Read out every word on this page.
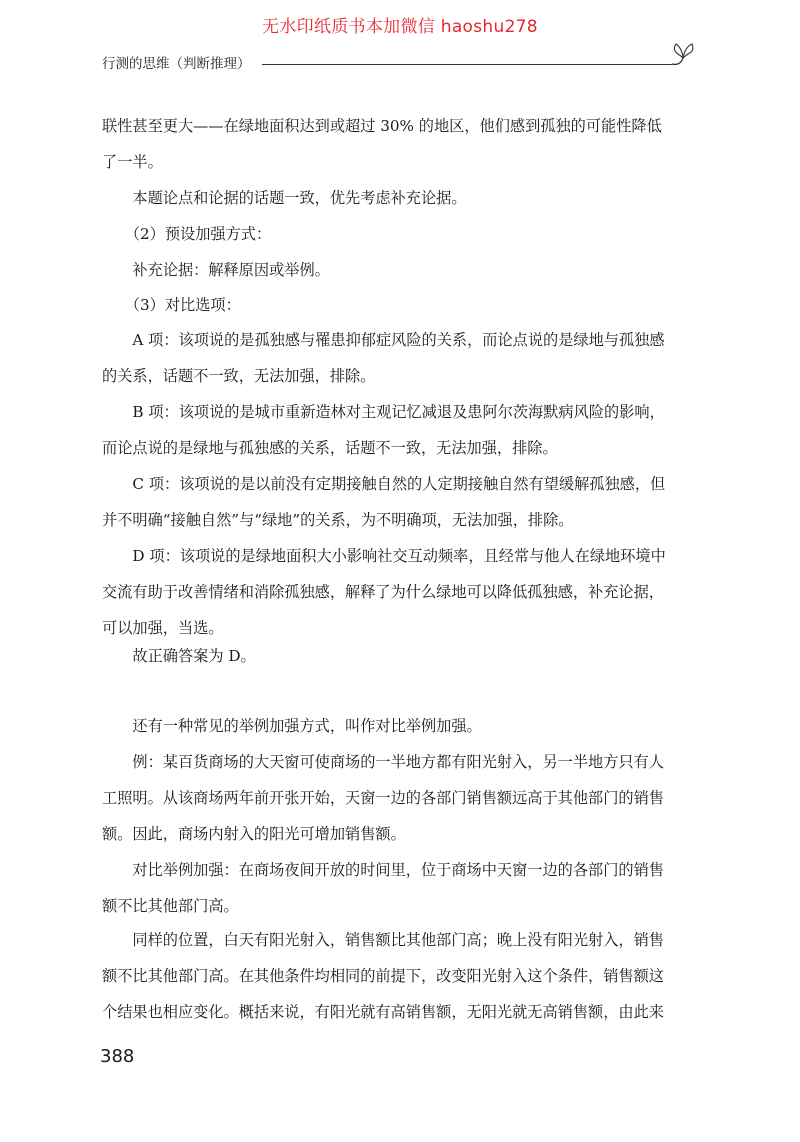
无水印纸质书本加微信 haoshu278
行测的思维（判断推理）
联性甚至更大——在绿地面积达到或超过 30% 的地区，他们感到孤独的可能性降低
了一半。
　　本题论点和论据的话题一致，优先考虑补充论据。
　　（2）预设加强方式：
　　补充论据：解释原因或举例。
　　（3）对比选项：
　　A 项：该项说的是孤独感与罹患抑郁症风险的关系，而论点说的是绿地与孤独感
的关系，话题不一致，无法加强，排除。
　　B 项：该项说的是城市重新造林对主观记忆减退及患阿尔茨海默病风险的影响，
而论点说的是绿地与孤独感的关系，话题不一致，无法加强，排除。
　　C 项：该项说的是以前没有定期接触自然的人定期接触自然有望缓解孤独感，但
并不明确“接触自然”与“绿地”的关系，为不明确项，无法加强，排除。
　　D 项：该项说的是绿地面积大小影响社交互动频率，且经常与他人在绿地环境中
交流有助于改善情绪和消除孤独感，解释了为什么绿地可以降低孤独感，补充论据，
可以加强，当选。
　　故正确答案为 D。
　　还有一种常见的举例加强方式，叫作对比举例加强。
　　例：某百货商场的大天窗可使商场的一半地方都有阳光射入，另一半地方只有人
工照明。从该商场两年前开张开始，天窗一边的各部门销售额远高于其他部门的销售
额。因此，商场内射入的阳光可增加销售额。
　　对比举例加强：在商场夜间开放的时间里，位于商场中天窗一边的各部门的销售
额不比其他部门高。
　　同样的位置，白天有阳光射入，销售额比其他部门高；晚上没有阳光射入，销售
额不比其他部门高。在其他条件均相同的前提下，改变阳光射入这个条件，销售额这
个结果也相应变化。概括来说，有阳光就有高销售额，无阳光就无高销售额，由此来
388
